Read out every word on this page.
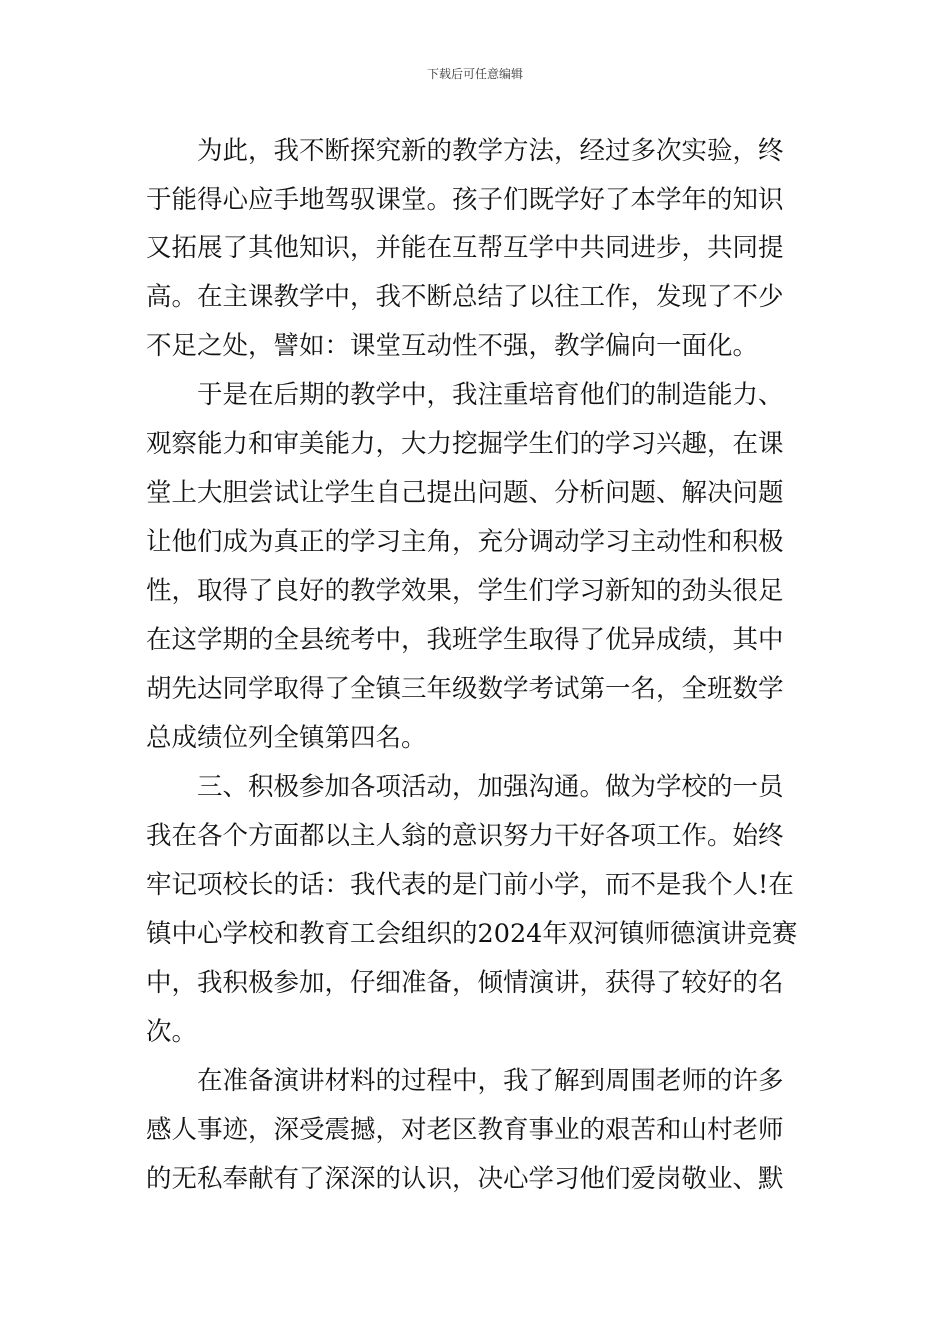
下载后可任意编辑
为此，我不断探究新的教学方法，经过多次实验，终
于能得心应手地驾驭课堂。孩子们既学好了本学年的知识
又拓展了其他知识，并能在互帮互学中共同进步，共同提
高。在主课教学中，我不断总结了以往工作，发现了不少
不足之处，譬如：课堂互动性不强，教学偏向一面化。
于是在后期的教学中，我注重培育他们的制造能力、
观察能力和审美能力，大力挖掘学生们的学习兴趣，在课
堂上大胆尝试让学生自己提出问题、分析问题、解决问题
让他们成为真正的学习主角，充分调动学习主动性和积极
性，取得了良好的教学效果，学生们学习新知的劲头很足
在这学期的全县统考中，我班学生取得了优异成绩，其中
胡先达同学取得了全镇三年级数学考试第一名，全班数学
总成绩位列全镇第四名。
三、积极参加各项活动，加强沟通。做为学校的一员
我在各个方面都以主人翁的意识努力干好各项工作。始终
牢记项校长的话：我代表的是门前小学，而不是我个人!在
镇中心学校和教育工会组织的2024年双河镇师德演讲竞赛
中，我积极参加，仔细准备，倾情演讲，获得了较好的名
次。
在准备演讲材料的过程中，我了解到周围老师的许多
感人事迹，深受震撼，对老区教育事业的艰苦和山村老师
的无私奉献有了深深的认识，决心学习他们爱岗敬业、默
